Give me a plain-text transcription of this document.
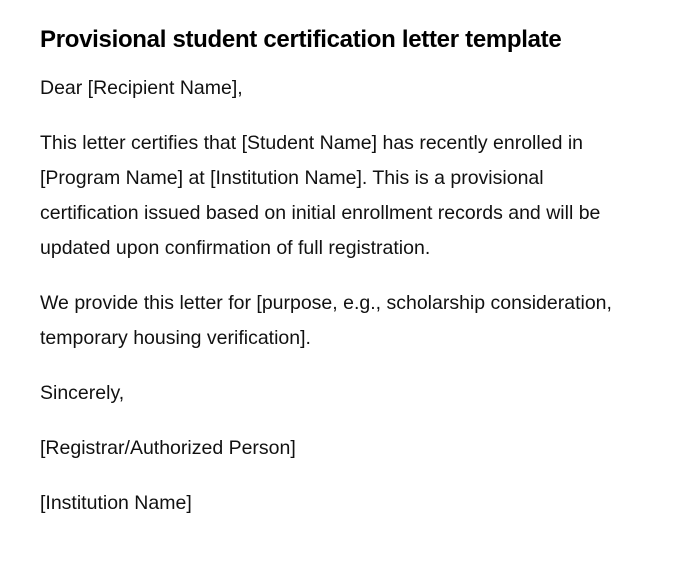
Provisional student certification letter template

Dear [Recipient Name],

This letter certifies that [Student Name] has recently enrolled in [Program Name] at [Institution Name]. This is a provisional certification issued based on initial enrollment records and will be updated upon confirmation of full registration.

We provide this letter for [purpose, e.g., scholarship consideration, temporary housing verification].

Sincerely,

[Registrar/Authorized Person]

[Institution Name]
